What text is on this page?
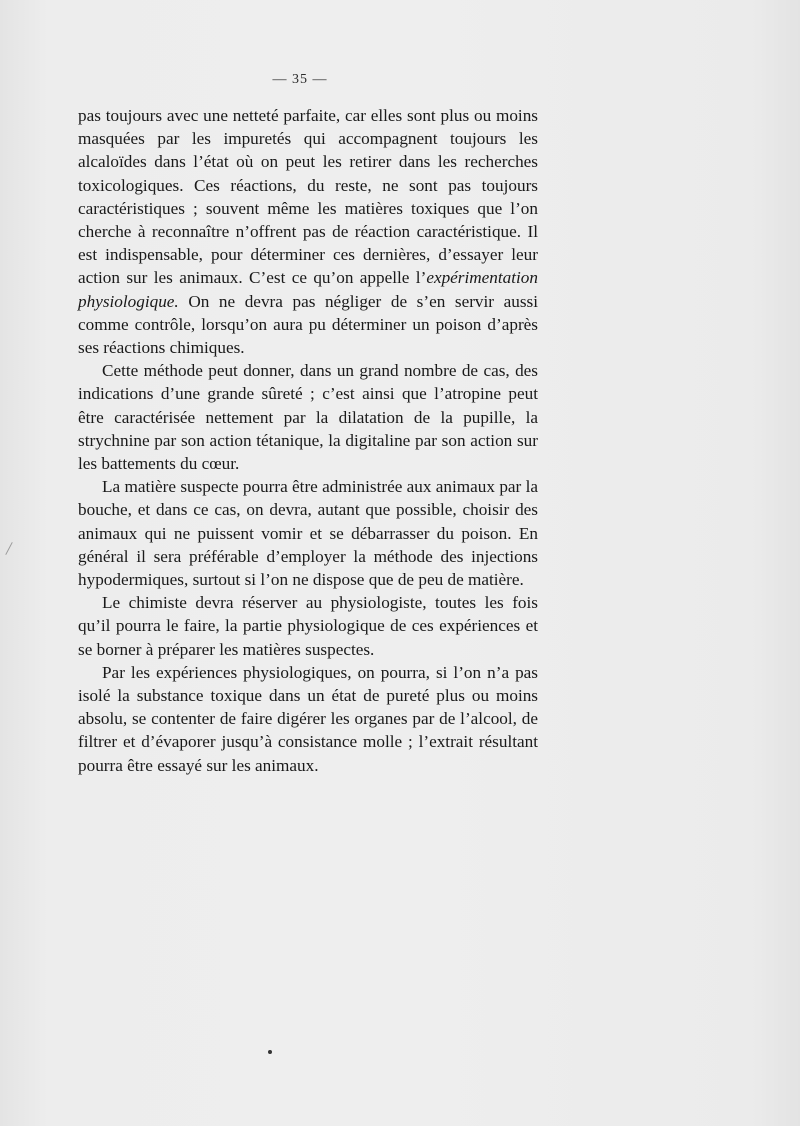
— 35 —

pas toujours avec une netteté parfaite, car elles sont plus ou moins masquées par les impuretés qui accompagnent toujours les alcaloïdes dans l’état où on peut les retirer dans les recherches toxicologiques. Ces réactions, du reste, ne sont pas toujours caractéristiques ; souvent même les matières toxiques que l’on cherche à reconnaître n’offrent pas de réaction caractéristique. Il est indispensable, pour déterminer ces dernières, d’essayer leur action sur les animaux. C’est ce qu’on appelle l’expérimentation physiologique. On ne devra pas négliger de s’en servir aussi comme contrôle, lorsqu’on aura pu déterminer un poison d’après ses réactions chimiques.

Cette méthode peut donner, dans un grand nombre de cas, des indications d’une grande sûreté ; c’est ainsi que l’atropine peut être caractérisée nettement par la dilatation de la pupille, la strychnine par son action tétanique, la digitaline par son action sur les battements du cœur.

La matière suspecte pourra être administrée aux animaux par la bouche, et dans ce cas, on devra, autant que possible, choisir des animaux qui ne puissent vomir et se débarrasser du poison. En général il sera préférable d’employer la méthode des injections hypodermiques, surtout si l’on ne dispose que de peu de matière.

Le chimiste devra réserver au physiologiste, toutes les fois qu’il pourra le faire, la partie physiologique de ces expériences et se borner à préparer les matières suspectes.

Par les expériences physiologiques, on pourra, si l’on n’a pas isolé la substance toxique dans un état de pureté plus ou moins absolu, se contenter de faire digérer les organes par de l’alcool, de filtrer et d’évaporer jusqu’à consistance molle ; l’extrait résultant pourra être essayé sur les animaux.
